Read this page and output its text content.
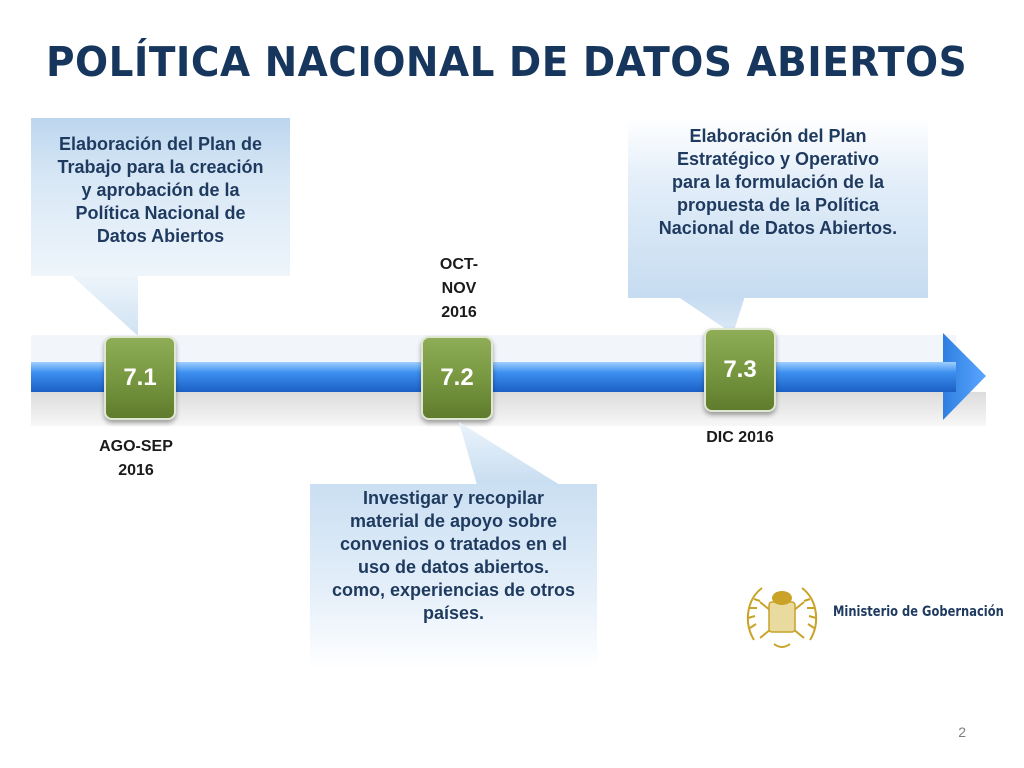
POLÍTICA NACIONAL DE DATOS ABIERTOS
Elaboración del Plan de
Trabajo para la creación
y aprobación de la
Política Nacional de
Datos Abiertos
Elaboración del Plan
Estratégico y Operativo
para la formulación de la
propuesta de la Política
Nacional de Datos Abiertos.
7.1	7.2	7.3
AGO-SEP
2016
OCT-
NOV
2016
DIC 2016
Investigar y recopilar
material de apoyo sobre
convenios o tratados en el
uso de datos abiertos.
como, experiencias de otros
países.	Ministerio de Gobernación
2
